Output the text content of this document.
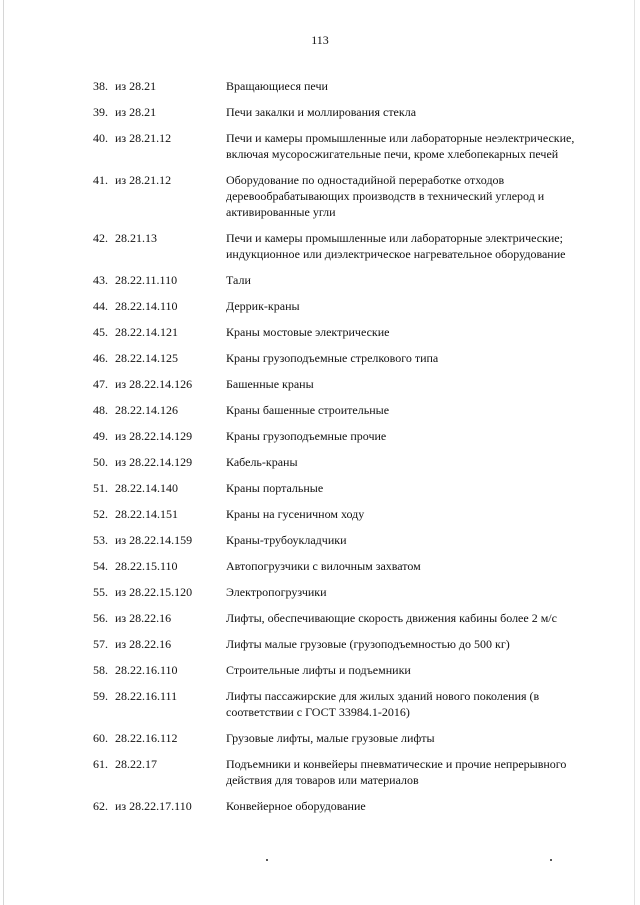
113
38. из 28.21	Вращающиеся печи
39. из 28.21	Печи закалки и моллирования стекла
40. из 28.21.12	Печи и камеры промышленные или лабораторные неэлектрические, включая мусоросжигательные печи, кроме хлебопекарных печей
41. из 28.21.12	Оборудование по одностадийной переработке отходов деревообрабатывающих производств в технический углерод и активированные угли
42. 28.21.13	Печи и камеры промышленные или лабораторные электрические; индукционное или диэлектрическое нагревательное оборудование
43. 28.22.11.110	Тали
44. 28.22.14.110	Деррик-краны
45. 28.22.14.121	Краны мостовые электрические
46. 28.22.14.125	Краны грузоподъемные стрелкового типа
47. из 28.22.14.126	Башенные краны
48. 28.22.14.126	Краны башенные строительные
49. из 28.22.14.129	Краны грузоподъемные прочие
50. из 28.22.14.129	Кабель-краны
51. 28.22.14.140	Краны портальные
52. 28.22.14.151	Краны на гусеничном ходу
53. из 28.22.14.159	Краны-трубоукладчики
54. 28.22.15.110	Автопогрузчики с вилочным захватом
55. из 28.22.15.120	Электропогрузчики
56. из 28.22.16	Лифты, обеспечивающие скорость движения кабины более 2 м/с
57. из 28.22.16	Лифты малые грузовые (грузоподъемностью до 500 кг)
58. 28.22.16.110	Строительные лифты и подъемники
59. 28.22.16.111	Лифты пассажирские для жилых зданий нового поколения (в соответствии с ГОСТ 33984.1-2016)
60. 28.22.16.112	Грузовые лифты, малые грузовые лифты
61. 28.22.17	Подъемники и конвейеры пневматические и прочие непрерывного действия для товаров или материалов
62. из 28.22.17.110	Конвейерное оборудование
